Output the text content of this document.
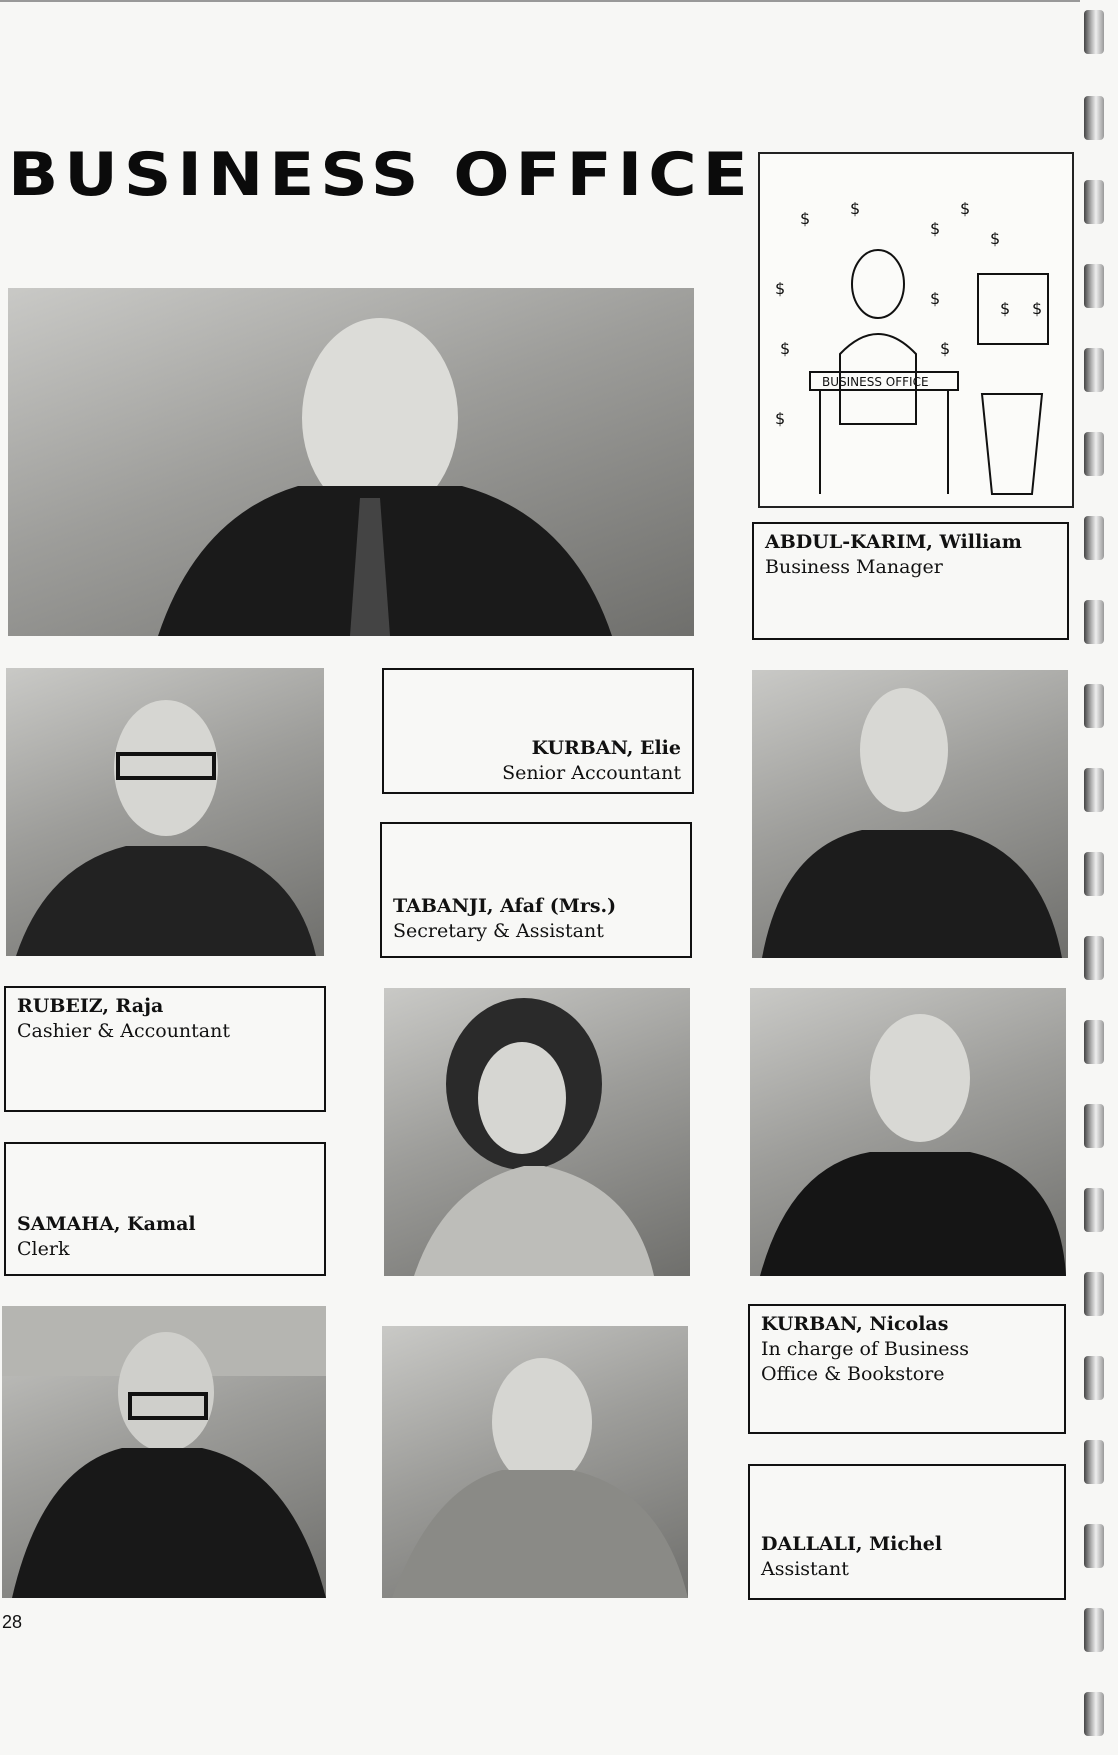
BUSINESS OFFICE
BUSINESS OFFICE
$
$
$
$
$
$
$
$
$
$ $
$
ABDUL-KARIM, William
Business Manager
KURBAN, Elie
Senior Accountant
TABANJI, Afaf (Mrs.)
Secretary & Assistant
RUBEIZ, Raja
Cashier & Accountant
SAMAHA, Kamal
Clerk
KURBAN, Nicolas
In charge of Business
Office & Bookstore
DALLALI, Michel
Assistant
28
